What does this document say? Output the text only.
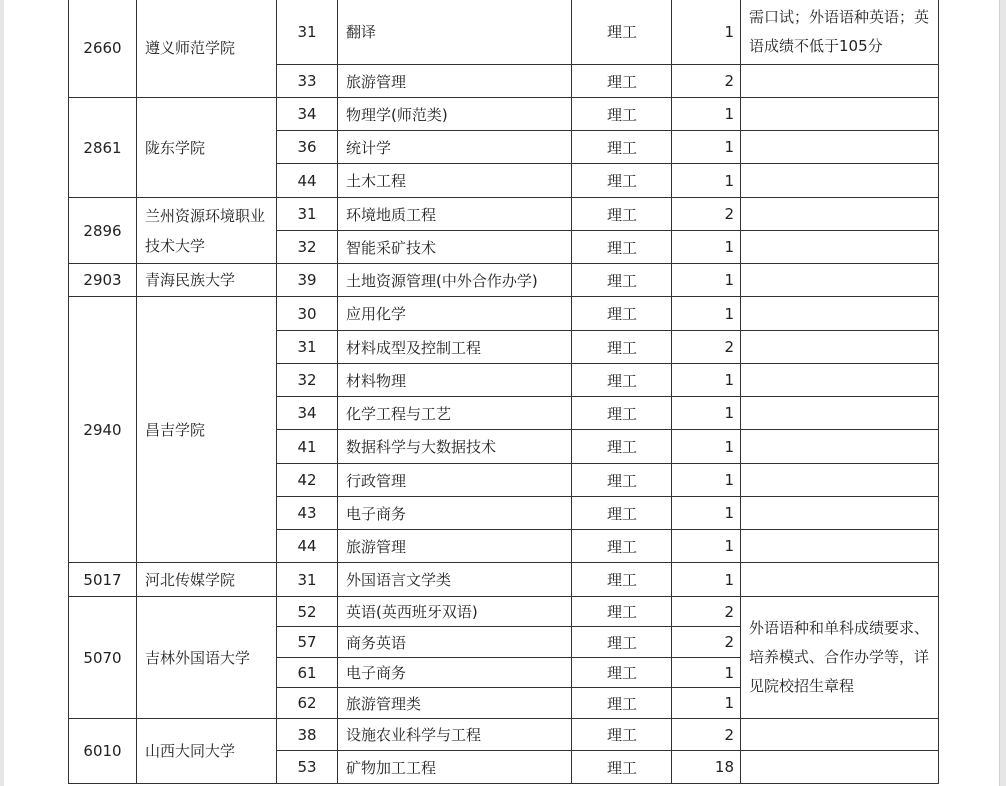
2660	遵义师范学院	31	翻译	理工	1	需口试；外语语种英语；英语成绩不低于105分
		33	旅游管理	理工	2	
2861	陇东学院	34	物理学(师范类)	理工	1	
		36	统计学	理工	1	
		44	土木工程	理工	1	
2896	兰州资源环境职业技术大学	31	环境地质工程	理工	2	
		32	智能采矿技术	理工	1	
2903	青海民族大学	39	土地资源管理(中外合作办学)	理工	1	
2940	昌吉学院	30	应用化学	理工	1	
		31	材料成型及控制工程	理工	2	
		32	材料物理	理工	1	
		34	化学工程与工艺	理工	1	
		41	数据科学与大数据技术	理工	1	
		42	行政管理	理工	1	
		43	电子商务	理工	1	
		44	旅游管理	理工	1	
5017	河北传媒学院	31	外国语言文学类	理工	1	
5070	吉林外国语大学	52	英语(英西班牙双语)	理工	2	外语语种和单科成绩要求、培养模式、合作办学等，详见院校招生章程
		57	商务英语	理工	2	
		61	电子商务	理工	1	
		62	旅游管理类	理工	1	
6010	山西大同大学	38	设施农业科学与工程	理工	2	
		53	矿物加工工程	理工	18	
